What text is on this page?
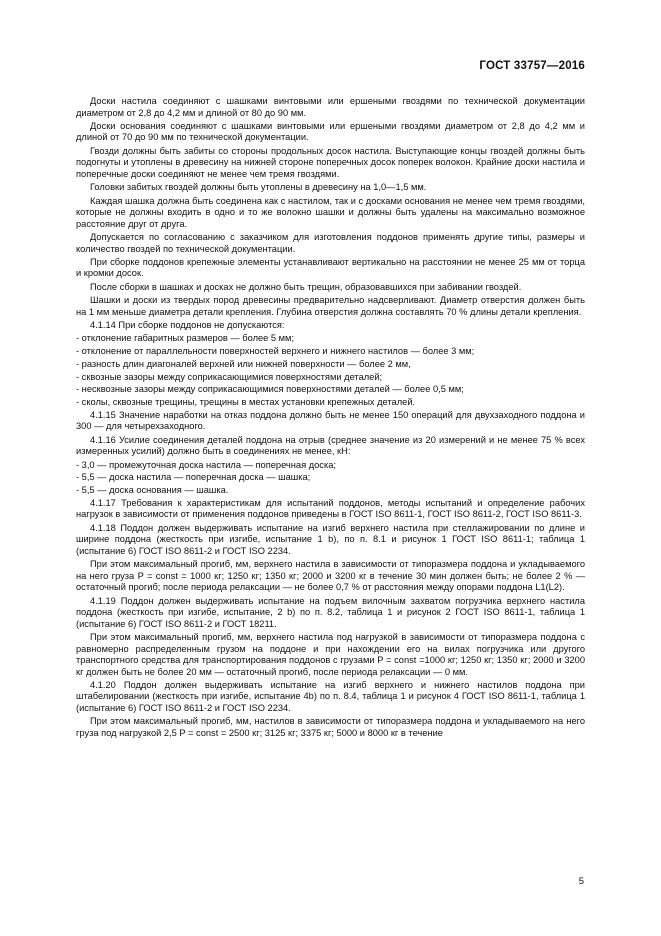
ГОСТ 33757—2016

Доски настила соединяют с шашками винтовыми или ершеными гвоздями по технической документации диаметром от 2,8 до 4,2 мм и длиной от 80 до 90 мм.

Доски основания соединяют с шашками винтовыми или ершеными гвоздями диаметром от 2,8 до 4,2 мм и длиной от 70 до 90 мм по технической документации.

Гвозди должны быть забиты со стороны продольных досок настила. Выступающие концы гвоздей должны быть подогнуты и утоплены в древесину на нижней стороне поперечных досок поперек волокон. Крайние доски настила и поперечные доски соединяют не менее чем тремя гвоздями.

Головки забитых гвоздей должны быть утоплены в древесину на 1,0—1,5 мм.

Каждая шашка должна быть соединена как с настилом, так и с досками основания не менее чем тремя гвоздями, которые не должны входить в одно и то же волокно шашки и должны быть удалены на максимально возможное расстояние друг от друга.

Допускается по согласованию с заказчиком для изготовления поддонов применять другие типы, размеры и количество гвоздей по технической документации.

При сборке поддонов крепежные элементы устанавливают вертикально на расстоянии не менее 25 мм от торца и кромки досок.

После сборки в шашках и досках не должно быть трещин, образовавшихся при забивании гвоздей.

Шашки и доски из твердых пород древесины предварительно надсверливают. Диаметр отверстия должен быть на 1 мм меньше диаметра детали крепления. Глубина отверстия должна составлять 70 % длины детали крепления.

4.1.14 При сборке поддонов не допускаются:

- отклонение габаритных размеров — более 5 мм;

- отклонение от параллельности поверхностей верхнего и нижнего настилов — более 3 мм;

- разность длин диагоналей верхней или нижней поверхности — более 2 мм,

- сквозные зазоры между соприкасающимися поверхностями деталей;

- несквозные зазоры между соприкасающимися поверхностями деталей — более 0,5 мм;

- сколы, сквозные трещины, трещины в местах установки крепежных деталей.

4.1.15 Значение наработки на отказ поддона должно быть не менее 150 операций для двухзаходного поддона и 300 — для четырехзаходного.

4.1.16 Усилие соединения деталей поддона на отрыв (среднее значение из 20 измерений и не менее 75 % всех измеренных усилий) должно быть в соединениях не менее, кН:

- 3,0 — промежуточная доска настила — поперечная доска;

- 5,5 — доска настила — поперечная доска — шашка;

- 5,5 — доска основания — шашка.

4.1.17 Требования к характеристикам для испытаний поддонов, методы испытаний и определение рабочих нагрузок в зависимости от применения поддонов приведены в ГОСТ ISO 8611-1, ГОСТ ISO 8611-2, ГОСТ ISO 8611-3.

4.1.18 Поддон должен выдерживать испытание на изгиб верхнего настила при стеллажировании по длине и ширине поддона (жесткость при изгибе, испытание 1 b), по п. 8.1 и рисунок 1 ГОСТ ISO 8611-1; таблица 1 (испытание 6) ГОСТ ISO 8611-2 и ГОСТ ISO 2234.

При этом максимальный прогиб, мм, верхнего настила в зависимости от типоразмера поддона и укладываемого на него груза P = const = 1000 кг; 1250 кг; 1350 кг; 2000 и 3200 кг в течение 30 мин должен быть; не более 2 % — остаточный прогиб; после периода релаксации — не более 0,7 % от расстояния между опорами поддона L1(L2).

4.1.19 Поддон должен выдерживать испытание на подъем вилочным захватом погрузчика верхнего настила поддона (жесткость при изгибе, испытание, 2 b) по п. 8.2, таблица 1 и рисунок 2 ГОСТ ISO 8611-1, таблица 1 (испытание 6) ГОСТ ISO 8611-2 и ГОСТ 18211.

При этом максимальный прогиб, мм, верхнего настила под нагрузкой в зависимости от типоразмера поддона с равномерно распределенным грузом на поддоне и при нахождении его на вилах погрузчика или другого транспортного средства для транспортирования поддонов с грузами P = const =1000 кг; 1250 кг; 1350 кг; 2000 и 3200 кг должен быть не более 20 мм — остаточный прогиб, после периода релаксации — 0 мм.

4.1.20 Поддон должен выдерживать испытание на изгиб верхнего и нижнего настилов поддона при штабелировании (жесткость при изгибе, испытание 4b) по п. 8.4, таблица 1 и рисунок 4 ГОСТ ISO 8611-1, таблица 1 (испытание 6) ГОСТ ISO 8611-2 и ГОСТ ISO 2234.

При этом максимальный прогиб, мм, настилов в зависимости от типоразмера поддона и укладываемого на него груза под нагрузкой 2,5 P = const = 2500 кг; 3125 кг; 3375 кг; 5000 и 8000 кг в течение

5
